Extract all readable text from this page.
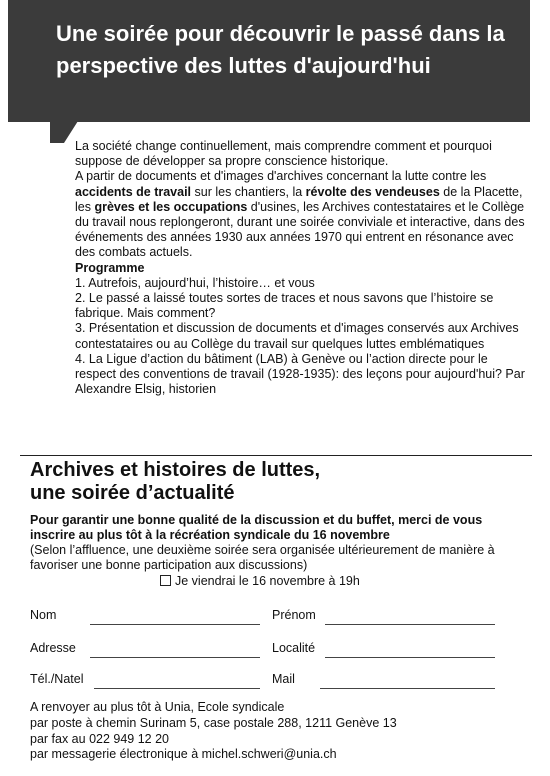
Une soirée pour découvrir le passé dans la perspective des luttes d'aujourd'hui

La société change continuellement, mais comprendre comment et pourquoi suppose de développer sa propre conscience historique.

A partir de documents et d'images d'archives concernant la lutte contre les accidents de travail sur les chantiers, la révolte des vendeuses de la Placette, les grèves et les occupations d'usines, les Archives contestataires et le Collège du travail nous replongeront, durant une soirée conviviale et interactive, dans des événements des années 1930 aux années 1970 qui entrent en résonance avec des combats actuels.

Programme

1. Autrefois, aujourd’hui, l’histoire… et vous

2. Le passé a laissé toutes sortes de traces et nous savons que l’histoire se fabrique. Mais comment?

3. Présentation et discussion de documents et d'images conservés aux Archives contestataires ou au Collège du travail sur quelques luttes emblématiques

4. La Ligue d’action du bâtiment (LAB) à Genève ou l’action directe pour le respect des conventions de travail (1928-1935): des leçons pour aujourd'hui? Par Alexandre Elsig, historien

Archives et histoires de luttes,
une soirée d’actualité
Pour garantir une bonne qualité de la discussion et du buffet, merci de vous inscrire au plus tôt à la récréation syndicale du 16 novembre
(Selon l’affluence, une deuxième soirée sera organisée ultérieurement de manière à favoriser une bonne participation aux discussions)
Je viendrai le 16 novembre à 19h
Nom	Prénom
Adresse	Localité
Tél./Natel	Mail
A renvoyer au plus tôt à Unia, Ecole syndicale
par poste à chemin Surinam 5, case postale 288, 1211 Genève 13
par fax au 022 949 12 20
par messagerie électronique à michel.schweri@unia.ch
